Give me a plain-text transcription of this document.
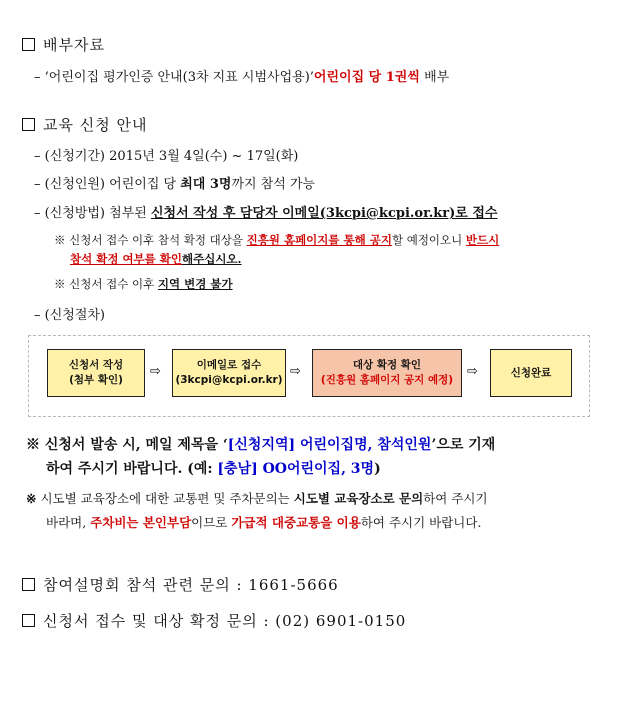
배부자료
– ‘어린이집 평가인증 안내(3차 지표 시범사업용)’어린이집 당 1권씩 배부
교육 신청 안내
– (신청기간) 2015년 3월 4일(수) ~ 17일(화)
– (신청인원) 어린이집 당 최대 3명까지 참석 가능
– (신청방법) 첨부된 신청서 작성 후 담당자 이메일(3kcpi@kcpi.or.kr)로 접수
※ 신청서 접수 이후 참석 확정 대상을 진흥원 홈페이지를 통해 공지할 예정이오니 반드시
참석 확정 여부를 확인해주십시오.
※ 신청서 접수 이후 지역 변경 불가
– (신청절차)
신청서 작성
(첨부 확인)
⇨	이메일로 접수
(3kcpi@kcpi.or.kr)
⇨	대상 확정 확인
(진흥원 홈페이지 공지 예정)
⇨	신청완료
※ 신청서 발송 시, 메일 제목을 ‘[신청지역] 어린이집명, 참석인원’으로 기재
하여 주시기 바랍니다. (예: [충남] OO어린이집, 3명)
※ 시도별 교육장소에 대한 교통편 및 주차문의는 시도별 교육장소로 문의하여 주시기
바라며, 주차비는 본인부담이므로 가급적 대중교통을 이용하여 주시기 바랍니다.
참여설명회 참석 관련 문의 : 1661-5666
신청서 접수 및 대상 확정 문의 : (02) 6901-0150
